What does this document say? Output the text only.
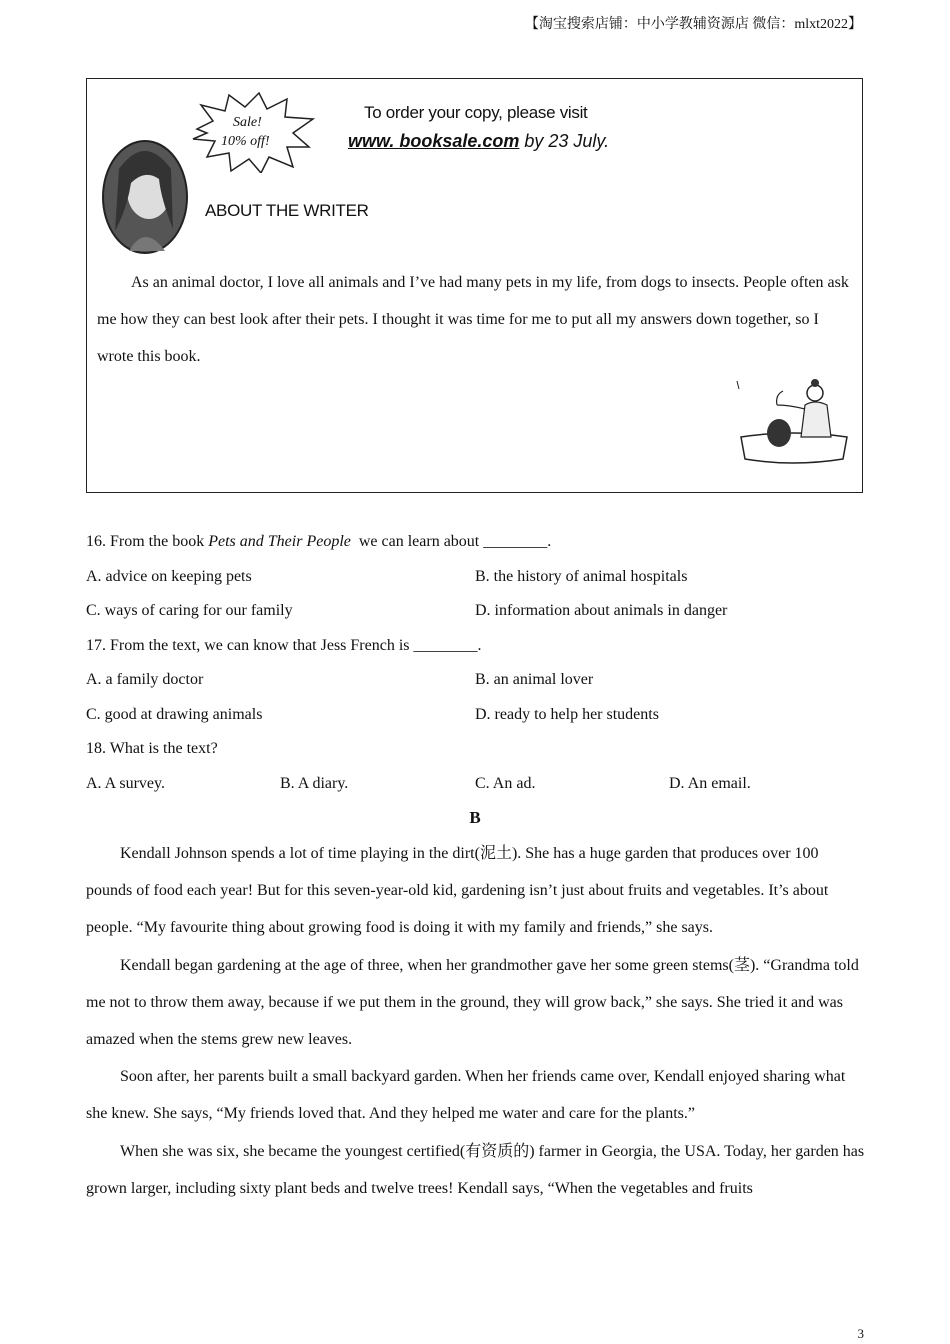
【淘宝搜索店铺：中小学教辅资源店 微信：mlxt2022】
Sale!
10% off!
To order your copy, please visit
www. booksale.com by 23 July.
ABOUT THE WRITER

As an animal doctor, I love all animals and I’ve had many pets in my life, from dogs to insects. People often ask me how they can best look after their pets. I thought it was time for me to put all my answers down together, so I wrote this book.

16. From the book Pets and Their People  we can learn about ________.
A. advice on keeping pets	B. the history of animal hospitals
C. ways of caring for our family	D. information about animals in danger
17. From the text, we can know that Jess French is ________.
A. a family doctor	B. an animal lover
C. good at drawing animals	D. ready to help her students
18. What is the text?
A. A survey.	B. A diary.	C. An ad.	D. An email.
B

Kendall Johnson spends a lot of time playing in the dirt(泥土). She has a huge garden that produces over 100 pounds of food each year! But for this seven-year-old kid, gardening isn’t just about fruits and vegetables. It’s about people. “My favourite thing about growing food is doing it with my family and friends,” she says.

Kendall began gardening at the age of three, when her grandmother gave her some green stems(茎). “Grandma told me not to throw them away, because if we put them in the ground, they will grow back,” she says. She tried it and was amazed when the stems grew new leaves.

Soon after, her parents built a small backyard garden. When her friends came over, Kendall enjoyed sharing what she knew. She says, “My friends loved that. And they helped me water and care for the plants.”

When she was six, she became the youngest certified(有资质的) farmer in Georgia, the USA. Today, her garden has grown larger, including sixty plant beds and twelve trees! Kendall says, “When the vegetables and fruits

3
